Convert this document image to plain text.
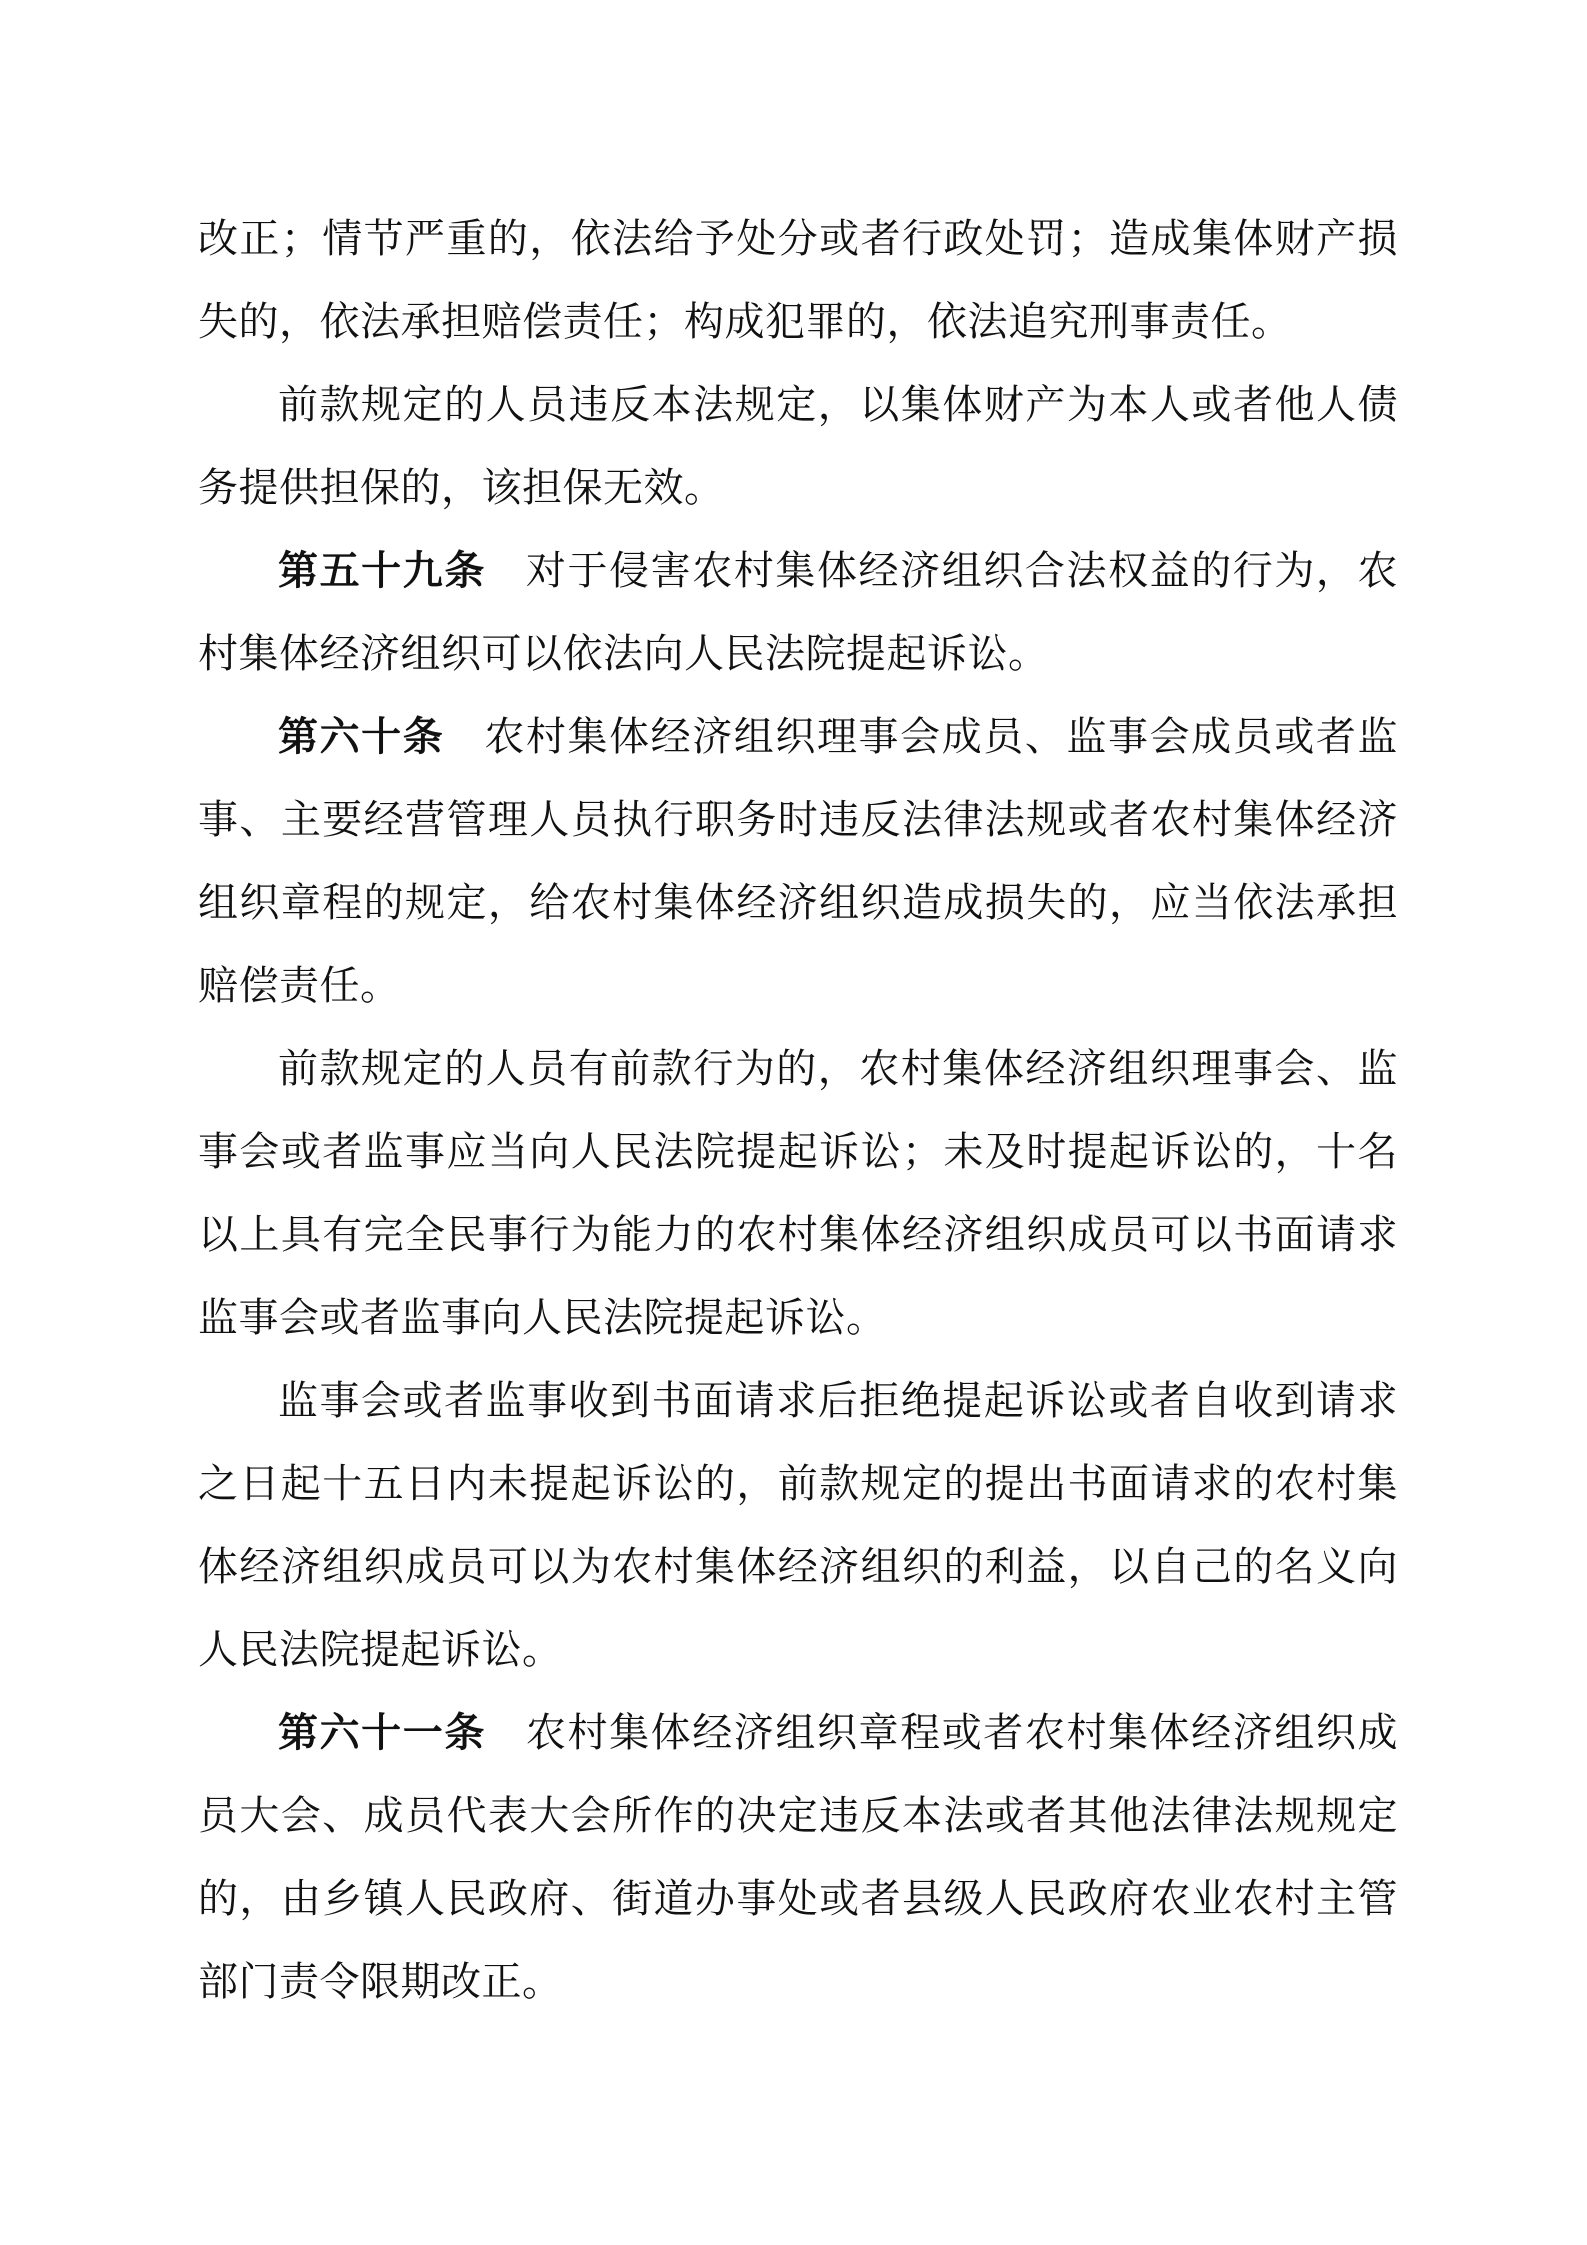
改正；情节严重的，依法给予处分或者行政处罚；造成集体财产损失的，依法承担赔偿责任；构成犯罪的，依法追究刑事责任。

前款规定的人员违反本法规定，以集体财产为本人或者他人债务提供担保的，该担保无效。

第五十九条 对于侵害农村集体经济组织合法权益的行为，农村集体经济组织可以依法向人民法院提起诉讼。

第六十条 农村集体经济组织理事会成员、监事会成员或者监事、主要经营管理人员执行职务时违反法律法规或者农村集体经济组织章程的规定，给农村集体经济组织造成损失的，应当依法承担赔偿责任。

前款规定的人员有前款行为的，农村集体经济组织理事会、监事会或者监事应当向人民法院提起诉讼；未及时提起诉讼的，十名以上具有完全民事行为能力的农村集体经济组织成员可以书面请求监事会或者监事向人民法院提起诉讼。

监事会或者监事收到书面请求后拒绝提起诉讼或者自收到请求之日起十五日内未提起诉讼的，前款规定的提出书面请求的农村集体经济组织成员可以为农村集体经济组织的利益，以自己的名义向人民法院提起诉讼。

第六十一条 农村集体经济组织章程或者农村集体经济组织成员大会、成员代表大会所作的决定违反本法或者其他法律法规规定的，由乡镇人民政府、街道办事处或者县级人民政府农业农村主管部门责令限期改正。
